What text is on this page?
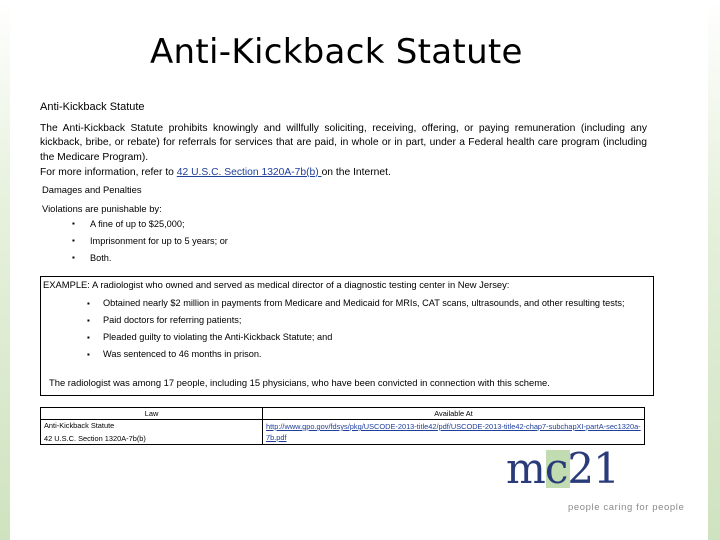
Anti-Kickback Statute
Anti-Kickback Statute
The Anti-Kickback Statute prohibits knowingly and willfully soliciting, receiving, offering, or paying remuneration (including any kickback, bribe, or rebate) for referrals for services that are paid, in whole or in part, under a Federal health care program (including the Medicare Program).
For more information, refer to 42 U.S.C. Section 1320A-7b(b) on the Internet.
Damages and Penalties
Violations are punishable by:
▪ A fine of up to $25,000;
▪ Imprisonment for up to 5 years; or
▪ Both.
EXAMPLE: A radiologist who owned and served as medical director of a diagnostic testing center in New Jersey:
▪ Obtained nearly $2 million in payments from Medicare and Medicaid for MRIs, CAT scans, ultrasounds, and other resulting tests;
▪ Paid doctors for referring patients;
▪ Pleaded guilty to violating the Anti-Kickback Statute; and
▪ Was sentenced to 46 months in prison.
The radiologist was among 17 people, including 15 physicians, who have been convicted in connection with this scheme.
Law	Available At

Anti-Kickback Statute
42 U.S.C. Section 1320A-7b(b)	http://www.gpo.gov/fdsys/pkg/USCODE-2013-title42/pdf/USCODE-2013-title42-chap7-subchapXI-partA-sec1320a-7b.pdf
mc21
people caring for people
